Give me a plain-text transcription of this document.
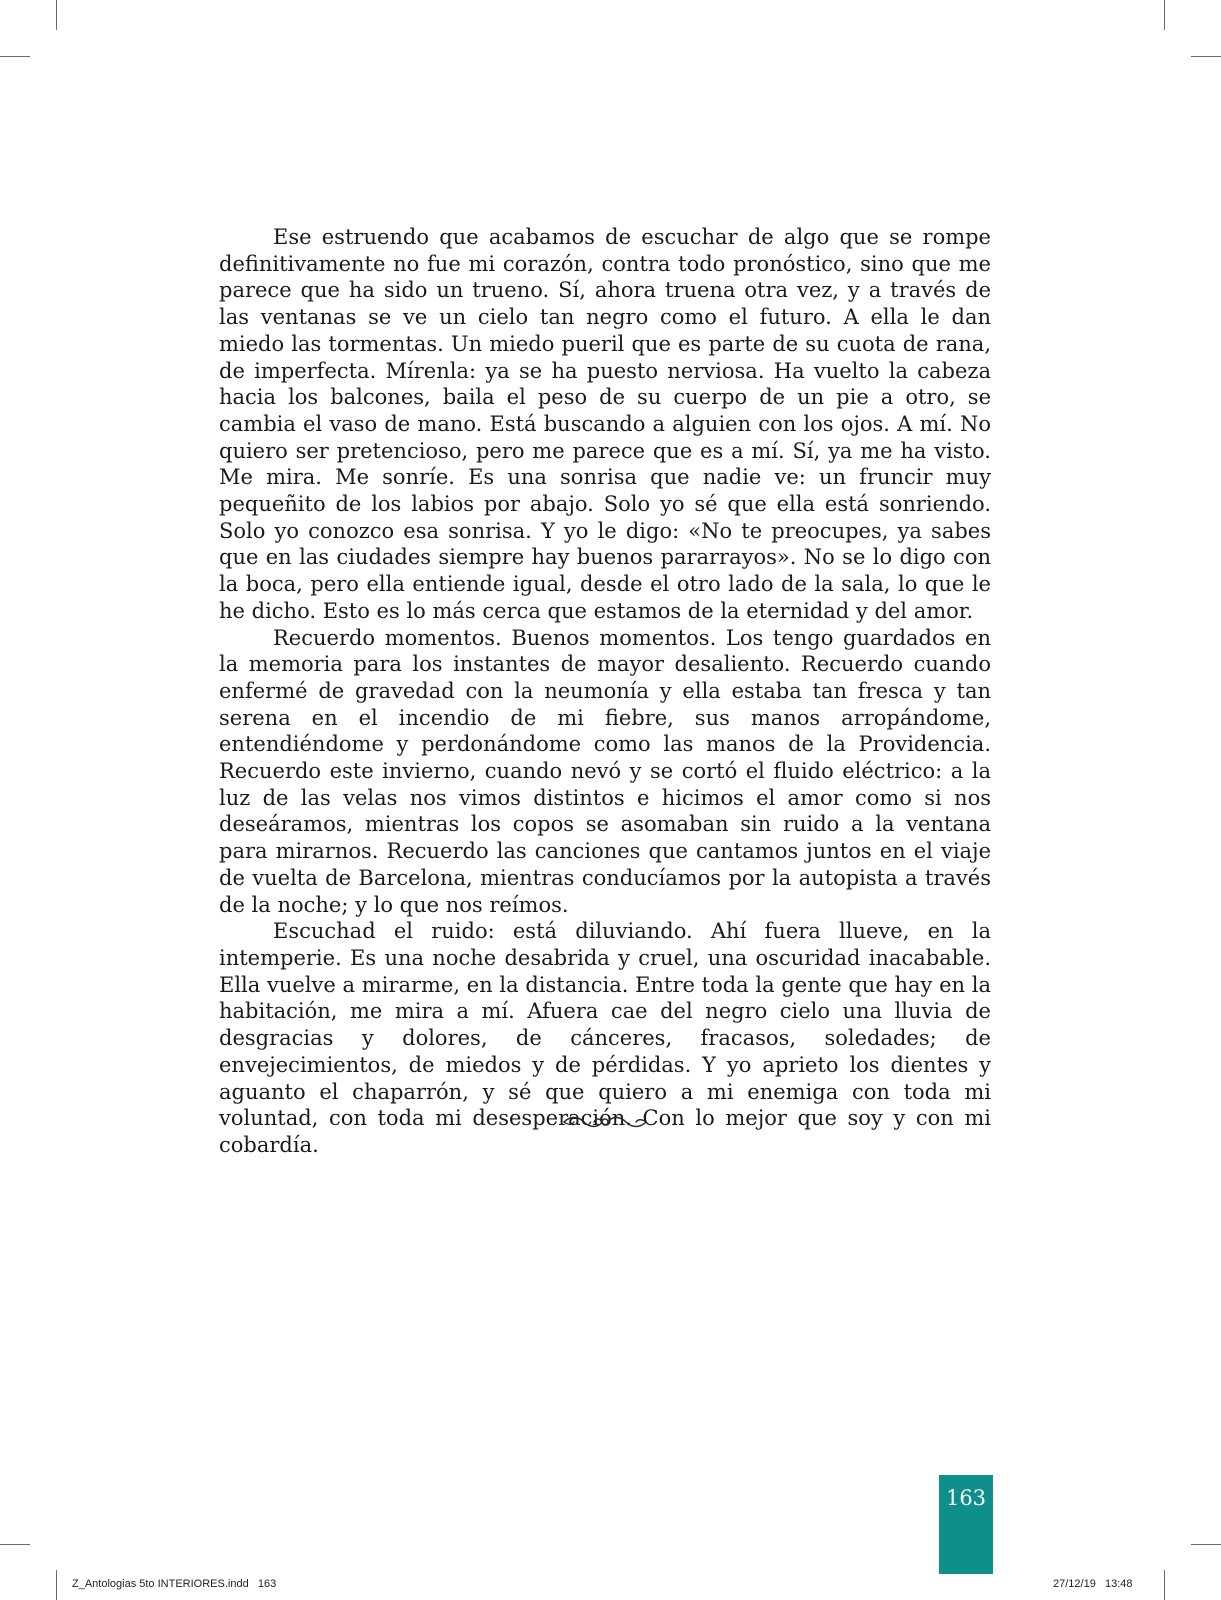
Ese estruendo que acabamos de escuchar de algo que se rompe definitivamente no fue mi corazón, contra todo pronóstico, sino que me parece que ha sido un trueno. Sí, ahora truena otra vez, y a través de las ventanas se ve un cielo tan negro como el futuro. A ella le dan miedo las tormentas. Un miedo pueril que es parte de su cuota de rana, de imperfecta. Mírenla: ya se ha puesto nerviosa. Ha vuelto la cabeza hacia los balcones, baila el peso de su cuerpo de un pie a otro, se cambia el vaso de mano. Está buscando a alguien con los ojos. A mí. No quiero ser pretencioso, pero me parece que es a mí. Sí, ya me ha visto. Me mira. Me sonríe. Es una sonrisa que nadie ve: un fruncir muy pequeñito de los labios por abajo. Solo yo sé que ella está sonriendo. Solo yo conozco esa sonrisa. Y yo le digo: «No te preocupes, ya sabes que en las ciudades siempre hay buenos pararrayos». No se lo digo con la boca, pero ella entiende igual, desde el otro lado de la sala, lo que le he dicho. Esto es lo más cerca que estamos de la eternidad y del amor.

Recuerdo momentos. Buenos momentos. Los tengo guardados en la memoria para los instantes de mayor desaliento. Recuerdo cuando enfermé de gravedad con la neumonía y ella estaba tan fresca y tan serena en el incendio de mi fiebre, sus manos arropándome, entendiéndome y perdonándome como las manos de la Providencia. Recuerdo este invierno, cuando nevó y se cortó el fluido eléctrico: a la luz de las velas nos vimos distintos e hicimos el amor como si nos deseáramos, mientras los copos se asomaban sin ruido a la ventana para mirarnos. Recuerdo las canciones que cantamos juntos en el viaje de vuelta de Barcelona, mientras conducíamos por la autopista a través de la noche; y lo que nos reímos.

Escuchad el ruido: está diluviando. Ahí fuera llueve, en la intemperie. Es una noche desabrida y cruel, una oscuridad inacabable. Ella vuelve a mirarme, en la distancia. Entre toda la gente que hay en la habitación, me mira a mí. Afuera cae del negro cielo una lluvia de desgracias y dolores, de cánceres, fracasos, soledades; de envejecimientos, de miedos y de pérdidas. Y yo aprieto los dientes y aguanto el chaparrón, y sé que quiero a mi enemiga con toda mi voluntad, con toda mi desesperación. Con lo mejor que soy y con mi cobardía.

163
Z_Antologias 5to INTERIORES.indd   163	27/12/19   13:48
